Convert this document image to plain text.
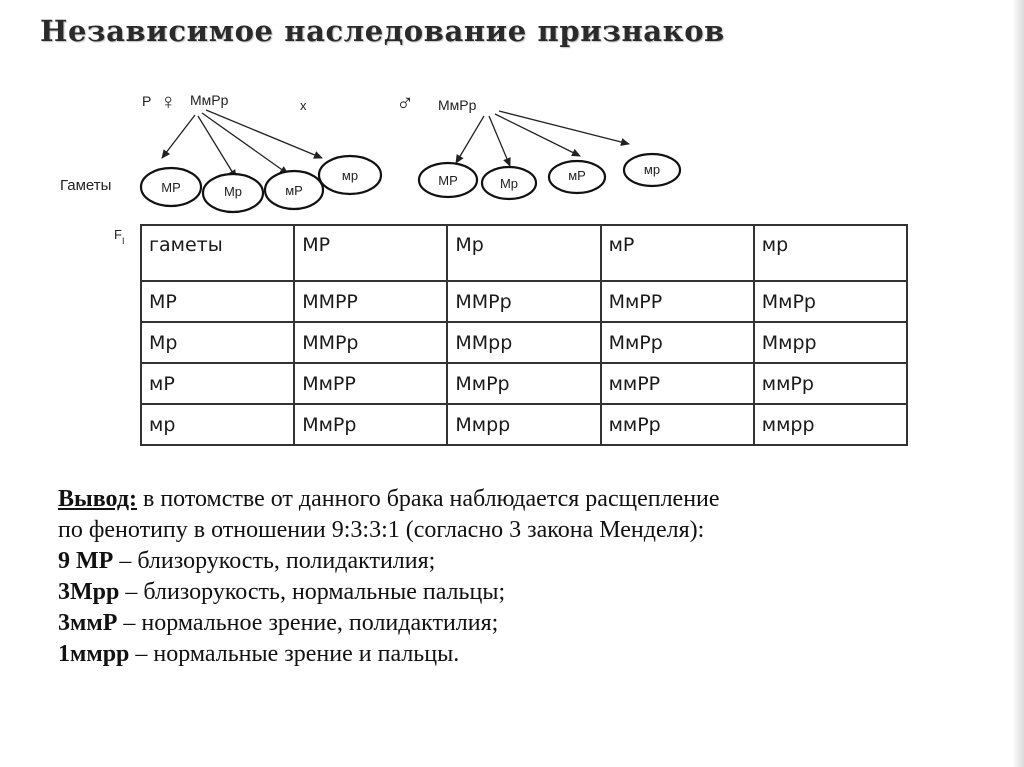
Независимое наследование признаков
P ♀ МмРр	x	♂ МмРр
Гаметы	МР	Мр	мР
мр	МР	Мр
мР	мр
F I гаметы	МР	Мр	мР	мр
МР	ММРР	ММРр	МмРР	МмРр
Мр	ММРр	ММрр	МмРр	Ммрр
мР	МмРР	МмРр	ммРР	ммРр
мр	МмРр	Ммрр	ммРр	ммрр
Вывод: в потомстве от данного брака наблюдается расщепление
по фенотипу в отношении 9:3:3:1 (согласно 3 закона Менделя):
9 МР – близорукость, полидактилия;
3Мрр – близорукость, нормальные пальцы;
3ммР – нормальное зрение, полидактилия;
1ммрр – нормальные зрение и пальцы.
